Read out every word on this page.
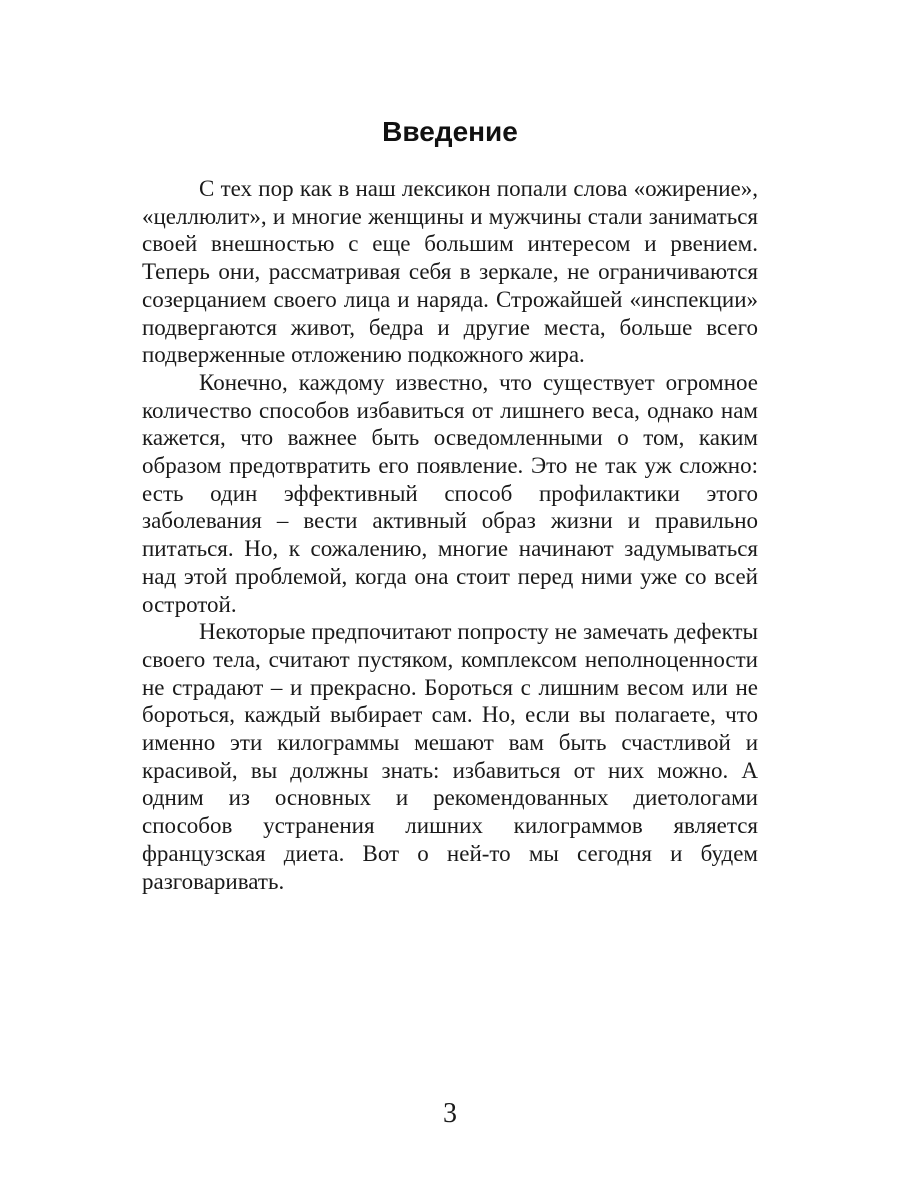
Введение

С тех пор как в наш лексикон попали слова «ожирение», «целлюлит», и многие женщины и мужчины стали заниматься своей внешностью с еще большим интересом и рвением. Теперь они, рассматривая себя в зеркале, не ограничиваются созерцанием своего лица и наряда. Строжайшей «инспекции» подвергаются живот, бедра и другие места, больше всего подверженные отложению подкожного жира.

Конечно, каждому известно, что существует огромное количество способов избавиться от лишнего веса, однако нам кажется, что важнее быть осведомленными о том, каким образом предотвратить его появление. Это не так уж сложно: есть один эффективный способ профилактики этого заболевания – вести активный образ жизни и правильно питаться. Но, к сожалению, многие начинают задумываться над этой проблемой, когда она стоит перед ними уже со всей остротой.

Некоторые предпочитают попросту не замечать дефекты своего тела, считают пустяком, комплексом неполноценности не страдают – и прекрасно. Бороться с лишним весом или не бороться, каждый выбирает сам. Но, если вы полагаете, что именно эти килограммы мешают вам быть счастливой и красивой, вы должны знать: избавиться от них можно. А одним из основных и рекомендованных диетологами способов устранения лишних килограммов является французская диета. Вот о ней-то мы сегодня и будем разговаривать.

3
